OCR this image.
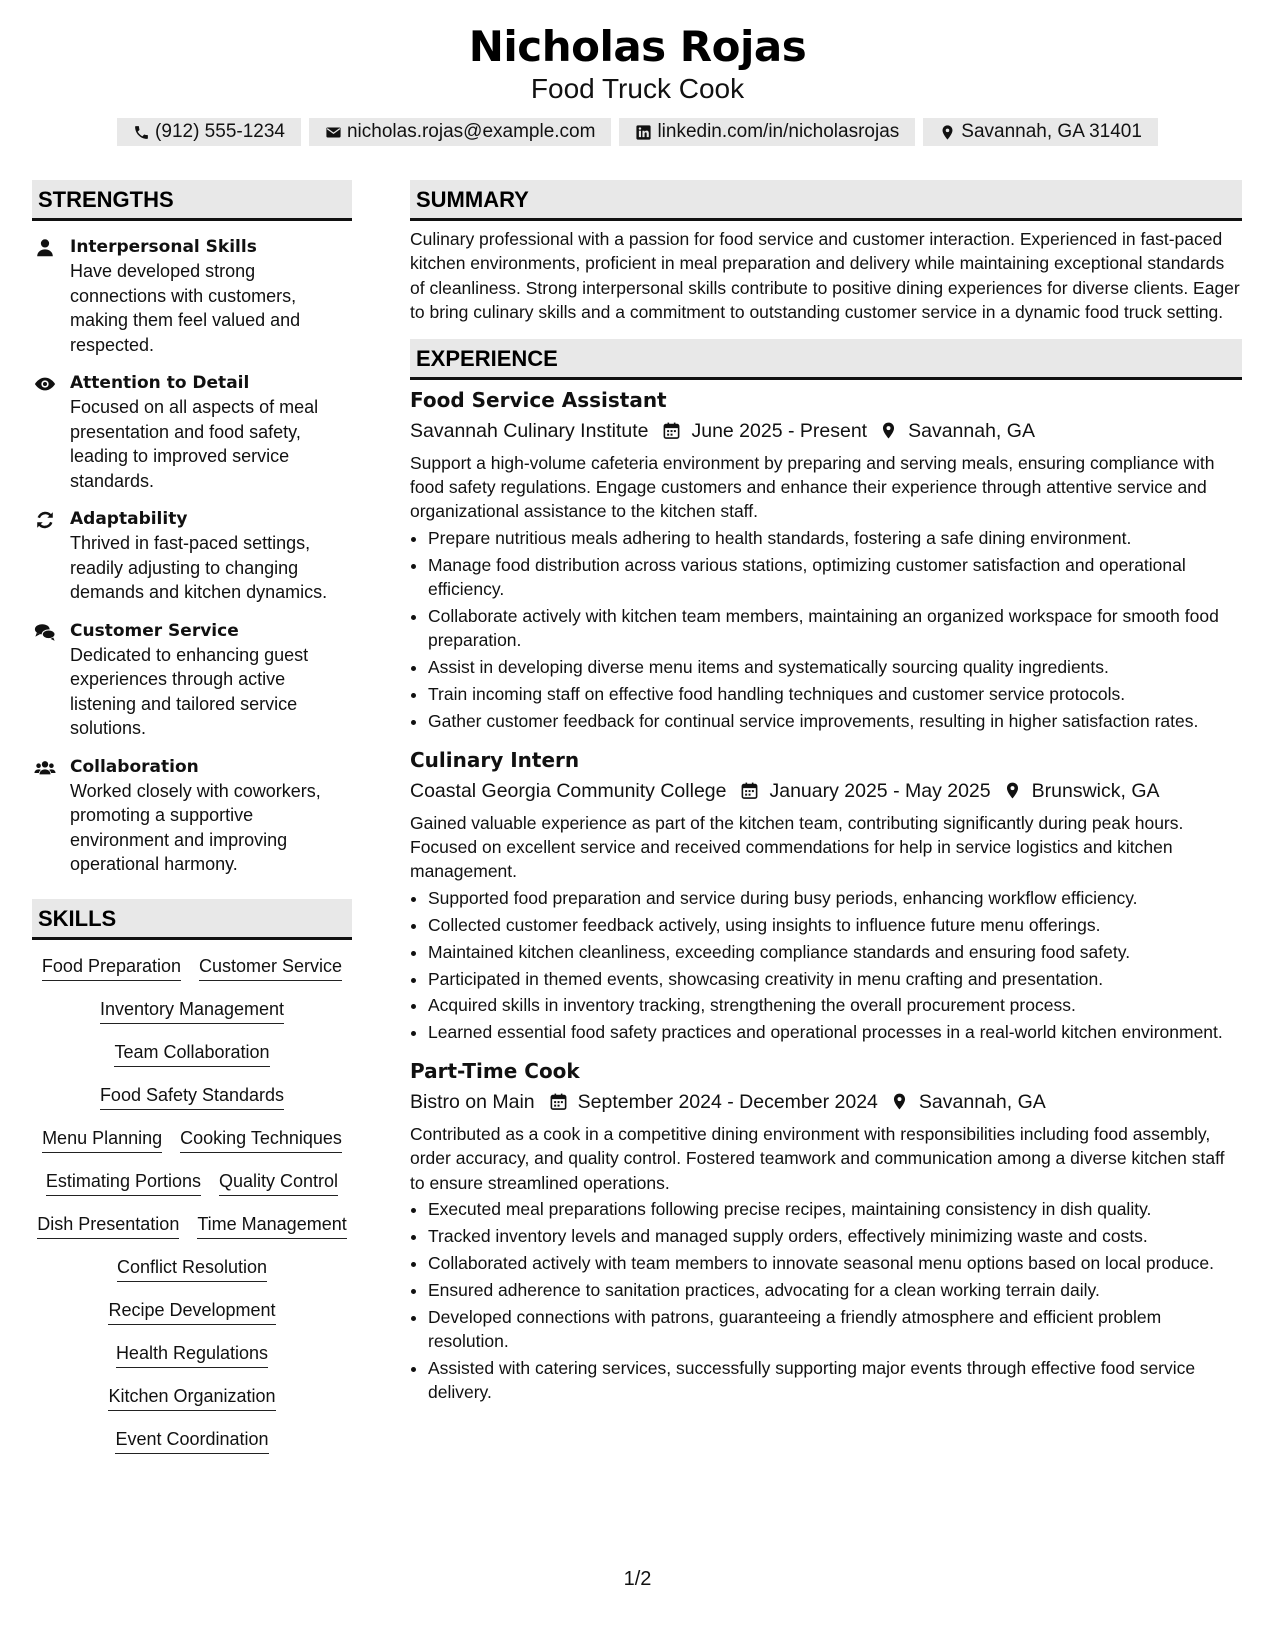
Nicholas Rojas
Food Truck Cook
(912) 555-1234	nicholas.rojas@example.com	linkedin.com/in/nicholasrojas	Savannah, GA 31401
STRENGTHS
Interpersonal Skills
Have developed strong connections with customers, making them feel valued and respected.
Attention to Detail
Focused on all aspects of meal presentation and food safety, leading to improved service standards.
Adaptability
Thrived in fast-paced settings, readily adjusting to changing demands and kitchen dynamics.
Customer Service
Dedicated to enhancing guest experiences through active listening and tailored service solutions.
Collaboration
Worked closely with coworkers, promoting a supportive environment and improving operational harmony.
SKILLS
Food Preparation Customer Service
Inventory Management
Team Collaboration
Food Safety Standards
Menu Planning Cooking Techniques
Estimating Portions Quality Control
Dish Presentation Time Management
Conflict Resolution
Recipe Development
Health Regulations
Kitchen Organization
Event Coordination
SUMMARY
Culinary professional with a passion for food service and customer interaction. Experienced in fast-paced kitchen environments, proficient in meal preparation and delivery while maintaining exceptional standards of cleanliness. Strong interpersonal skills contribute to positive dining experiences for diverse clients. Eager to bring culinary skills and a commitment to outstanding customer service in a dynamic food truck setting.
EXPERIENCE
Food Service Assistant
Savannah Culinary Institute June 2025 - Present Savannah, GA
Support a high-volume cafeteria environment by preparing and serving meals, ensuring compliance with food safety regulations. Engage customers and enhance their experience through attentive service and organizational assistance to the kitchen staff.
• Prepare nutritious meals adhering to health standards, fostering a safe dining environment.
• Manage food distribution across various stations, optimizing customer satisfaction and operational efficiency.
• Collaborate actively with kitchen team members, maintaining an organized workspace for smooth food preparation.
• Assist in developing diverse menu items and systematically sourcing quality ingredients.
• Train incoming staff on effective food handling techniques and customer service protocols.
• Gather customer feedback for continual service improvements, resulting in higher satisfaction rates.
Culinary Intern
Coastal Georgia Community College January 2025 - May 2025 Brunswick, GA
Gained valuable experience as part of the kitchen team, contributing significantly during peak hours. Focused on excellent service and received commendations for help in service logistics and kitchen management.
• Supported food preparation and service during busy periods, enhancing workflow efficiency.
• Collected customer feedback actively, using insights to influence future menu offerings.
• Maintained kitchen cleanliness, exceeding compliance standards and ensuring food safety.
• Participated in themed events, showcasing creativity in menu crafting and presentation.
• Acquired skills in inventory tracking, strengthening the overall procurement process.
• Learned essential food safety practices and operational processes in a real-world kitchen environment.
Part-Time Cook
Bistro on Main September 2024 - December 2024 Savannah, GA
Contributed as a cook in a competitive dining environment with responsibilities including food assembly, order accuracy, and quality control. Fostered teamwork and communication among a diverse kitchen staff to ensure streamlined operations.
• Executed meal preparations following precise recipes, maintaining consistency in dish quality.
• Tracked inventory levels and managed supply orders, effectively minimizing waste and costs.
• Collaborated actively with team members to innovate seasonal menu options based on local produce.
• Ensured adherence to sanitation practices, advocating for a clean working terrain daily.
• Developed connections with patrons, guaranteeing a friendly atmosphere and efficient problem resolution.
• Assisted with catering services, successfully supporting major events through effective food service delivery.
1/2
